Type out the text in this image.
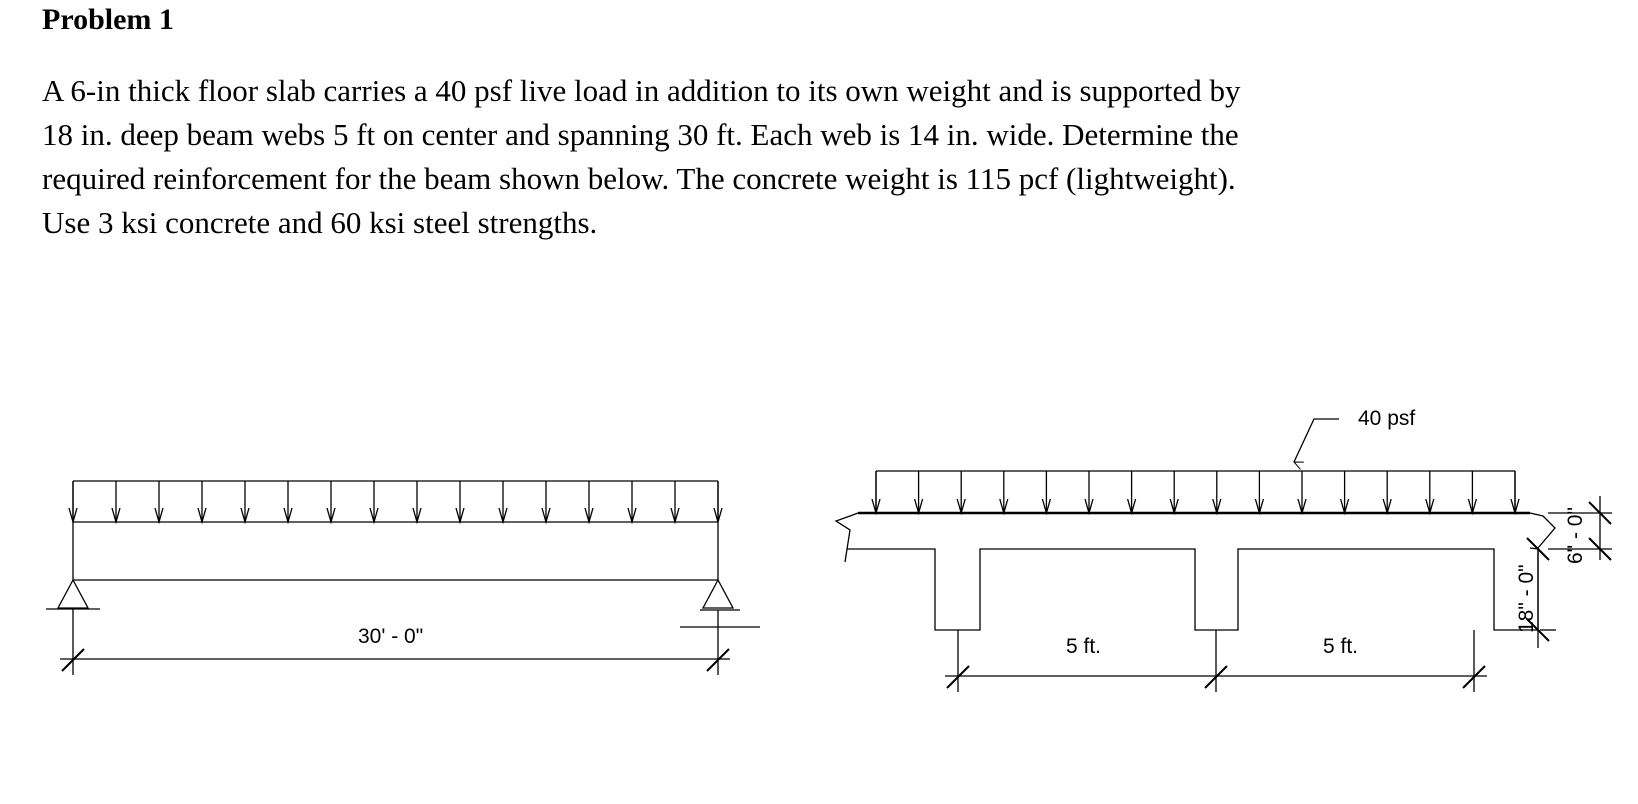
Problem 1
A 6-in thick floor slab carries a 40 psf live load in addition to its own weight and is supported by
18 in. deep beam webs 5 ft on center and spanning 30 ft. Each web is 14 in. wide. Determine the
required reinforcement for the beam shown below. The concrete weight is 115 pcf (lightweight).
Use 3 ksi concrete and 60 ksi steel strengths.
30' - 0"
40 psf
5 ft.	5 ft.
18" - 0"
6" - 0"
